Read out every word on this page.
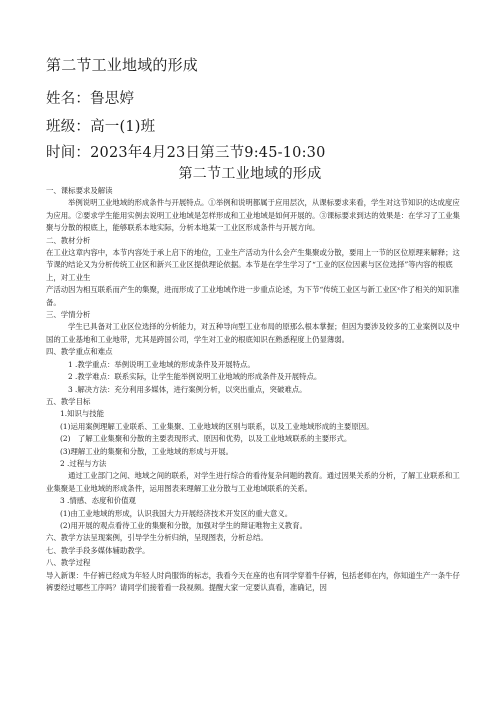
第二节工业地域的形成
姓名：鲁思婷
班级：高一(1)班
时间：2023年4月23日第三节9:45-10:30
第二节工业地域的形成

一、课标要求及解读

举例说明工业地域的形成条件与开展特点。①举例和说明都属于应用层次，从课标要求来看，学生对这节知识的达成度应为应用。②要求学生能用实例去说明工业地域是怎样形成和工业地域是如何开展的。③课标要求到达的效果是：在学习了工业集聚与分散的根底上，能够联系本地实际，分析本地某一工业区形成条件与开展方向。

二、教材分析

在工业这章内容中，本节内容处于承上启下的地位，工业生产活动为什么会产生集聚或分散，要用上一节的区位原理来解释；这节课的结论又为分析传统工业区和新兴工业区提供理论依据。本节是在学生学习了“工业的区位因素与区位选择”等内容的根底上，对工业生

产活动因为相互联系而产生的集聚，进而形成了工业地域作进一步重点论述，为下节“传统工业区与新工业区ˣ作了相关的知识准备。

三、学情分析

学生已具备对工业区位选择的分析能力，对五种导向型工业布局的原那么根本掌握；但因为要涉及较多的工业案例以及中国的工业基地和工业地带，尤其是跨国公司，学生对工业的根底知识在熟悉程度上仍显薄弱。

四、教学重点和难点

1 .教学重点：举例说明工业地域的形成条件及开展特点。

2 .教学难点：联系实际，让学生能举例说明工业地域的形成条件及开展特点。

3 .解决方法：充分利用多媒体，进行案例分析，以突出重点，突破难点。

五、教学目标

1.知识与技能

(1)运用案例理解工业联系、工业集聚、工业地域的区别与联系，以及工业地域形成的主要原因。

(2)　了解工业集聚和分散的主要表现形式、原因和优势，以及工业地域联系的主要形式。

(3)理解工业的集聚和分散，工业地域的形成与开展。

2 .过程与方法

通过工业部门之间、地域之间的联系，对学生进行综合的看待复杂问题的教育。通过因果关系的分析，了解工业联系和工业集聚是工业地域的形成条件，运用图表来理解工业分散与工业地域联系的关系。

3 .情感、态度和价值观

(1)由工业地域的形成，认识我国大力开展经济技术开发区的重大意义。

(2)用开展的观点看待工业的集聚和分散，加强对学生的辩证唯物主义教育。

六、教学方法呈现案例，引导学生分析归纳，呈现图表，分析总结。

七、教学手段多媒体辅助教学。

八、教学过程

导入新课：牛仔裤已经成为年轻人时尚服饰的标志，我看今天在座的也有同学穿着牛仔裤，包括老师在内，你知道生产一条牛仔裤要经过哪些工序吗？请同学们接着看一段视频。提醒大家一定要认真看，准确记，因
